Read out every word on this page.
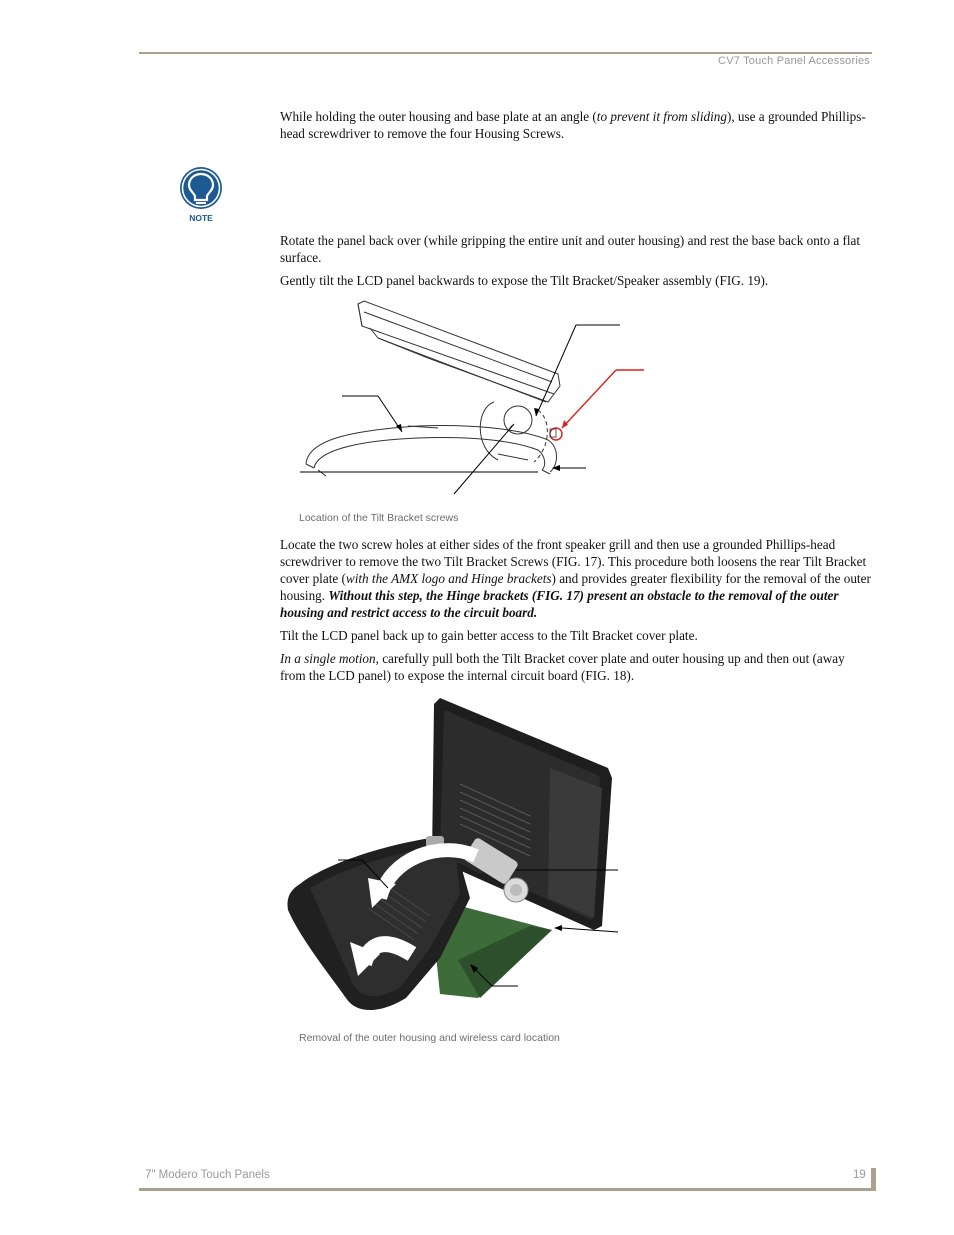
CV7 Touch Panel Accessories

While holding the outer housing and base plate at an angle (to prevent it from sliding), use a grounded Phillips-head screwdriver to remove the four Housing Screws.

NOTE

Rotate the panel back over (while gripping the entire unit and outer housing) and rest the base back onto a flat surface.

Gently tilt the LCD panel backwards to expose the Tilt Bracket/Speaker assembly (FIG. 19).

Location of the Tilt Bracket screws

Locate the two screw holes at either sides of the front speaker grill and then use a grounded Phillips-head screwdriver to remove the two Tilt Bracket Screws (FIG. 17). This procedure both loosens the rear Tilt Bracket cover plate (with the AMX logo and Hinge brackets) and provides greater flexibility for the removal of the outer housing. Without this step, the Hinge brackets (FIG. 17) present an obstacle to the removal of the outer housing and restrict access to the circuit board.

Tilt the LCD panel back up to gain better access to the Tilt Bracket cover plate.

In a single motion, carefully pull both the Tilt Bracket cover plate and outer housing up and then out (away from the LCD panel) to expose the internal circuit board (FIG. 18).

Removal of the outer housing and wireless card location
7" Modero Touch Panels	19
